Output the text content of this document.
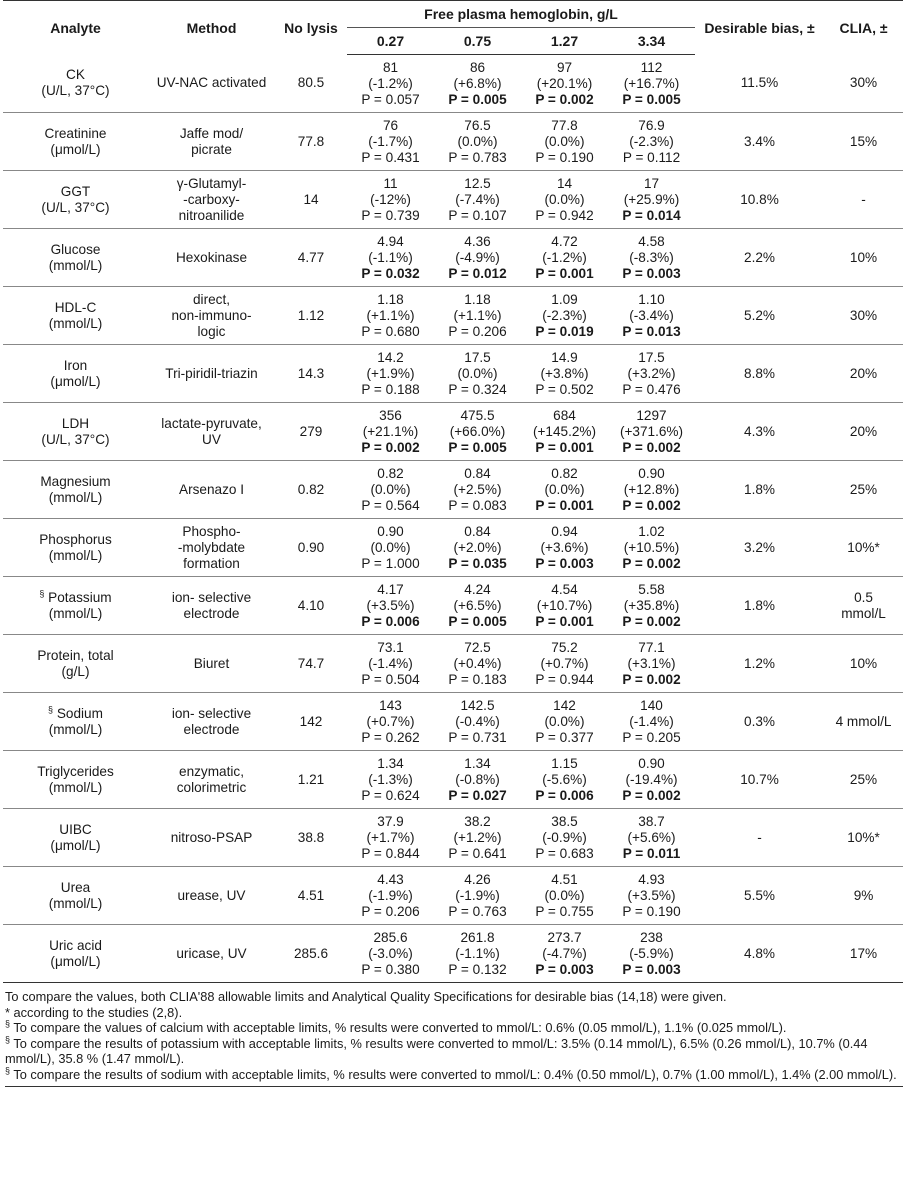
Analyte	Method	No lysis	Free plasma hemoglobin, g/L				Desirable bias, ±	CLIA, ±
			0.27	0.75	1.27	3.34		

CK
(U/L, 37°C)	UV-NAC activated	80.5	81
(-1.2%)
P = 0.057	86
(+6.8%)
P = 0.005	97
(+20.1%)
P = 0.002	112
(+16.7%)
P = 0.005	11.5%	30%

Creatinine
(μmol/L)	Jaffe mod/
picrate	77.8	76
(-1.7%)
P = 0.431	76.5
(0.0%)
P = 0.783	77.8
(0.0%)
P = 0.190	76.9
(-2.3%)
P = 0.112	3.4%	15%

GGT
(U/L, 37°C)	γ-Glutamyl-
-carboxy-
nitroanilide	14	11
(-12%)
P = 0.739	12.5
(-7.4%)
P = 0.107	14
(0.0%)
P = 0.942	17
(+25.9%)
P = 0.014	10.8%	-

Glucose
(mmol/L)	Hexokinase	4.77	4.94
(-1.1%)
P = 0.032	4.36
(-4.9%)
P = 0.012	4.72
(-1.2%)
P = 0.001	4.58
(-8.3%)
P = 0.003	2.2%	10%

HDL-C
(mmol/L)	direct,
non-immuno-
logic	1.12	1.18
(+1.1%)
P = 0.680	1.18
(+1.1%)
P = 0.206	1.09
(-2.3%)
P = 0.019	1.10
(-3.4%)
P = 0.013	5.2%	30%

Iron
(μmol/L)	Tri-piridil-triazin	14.3	14.2
(+1.9%)
P = 0.188	17.5
(0.0%)
P = 0.324	14.9
(+3.8%)
P = 0.502	17.5
(+3.2%)
P = 0.476	8.8%	20%

LDH
(U/L, 37°C)	lactate-pyruvate,
UV	279	356
(+21.1%)
P = 0.002	475.5
(+66.0%)
P = 0.005	684
(+145.2%)
P = 0.001	1297
(+371.6%)
P = 0.002	4.3%	20%

Magnesium
(mmol/L)	Arsenazo I	0.82	0.82
(0.0%)
P = 0.564	0.84
(+2.5%)
P = 0.083	0.82
(0.0%)
P = 0.001	0.90
(+12.8%)
P = 0.002	1.8%	25%

Phosphorus
(mmol/L)	Phospho-
-molybdate
formation	0.90	0.90
(0.0%)
P = 1.000	0.84
(+2.0%)
P = 0.035	0.94
(+3.6%)
P = 0.003	1.02
(+10.5%)
P = 0.002	3.2%	10%*

§ Potassium
(mmol/L)	ion- selective
electrode	4.10	4.17
(+3.5%)
P = 0.006	4.24
(+6.5%)
P = 0.005	4.54
(+10.7%)
P = 0.001	5.58
(+35.8%)
P = 0.002	1.8%	0.5
mmol/L

Protein, total
(g/L)	Biuret	74.7	73.1
(-1.4%)
P = 0.504	72.5
(+0.4%)
P = 0.183	75.2
(+0.7%)
P = 0.944	77.1
(+3.1%)
P = 0.002	1.2%	10%

§ Sodium
(mmol/L)	ion- selective
electrode	142	143
(+0.7%)
P = 0.262	142.5
(-0.4%)
P = 0.731	142
(0.0%)
P = 0.377	140
(-1.4%)
P = 0.205	0.3%	4 mmol/L

Triglycerides
(mmol/L)	enzymatic,
colorimetric	1.21	1.34
(-1.3%)
P = 0.624	1.34
(-0.8%)
P = 0.027	1.15
(-5.6%)
P = 0.006	0.90
(-19.4%)
P = 0.002	10.7%	25%

UIBC
(μmol/L)	nitroso-PSAP	38.8	37.9
(+1.7%)
P = 0.844	38.2
(+1.2%)
P = 0.641	38.5
(-0.9%)
P = 0.683	38.7
(+5.6%)
P = 0.011	-	10%*

Urea
(mmol/L)	urease, UV	4.51	4.43
(-1.9%)
P = 0.206	4.26
(-1.9%)
P = 0.763	4.51
(0.0%)
P = 0.755	4.93
(+3.5%)
P = 0.190	5.5%	9%

Uric acid
(μmol/L)	uricase, UV	285.6	285.6
(-3.0%)
P = 0.380	261.8
(-1.1%)
P = 0.132	273.7
(-4.7%)
P = 0.003	238
(-5.9%)
P = 0.003	4.8%	17%
To compare the values, both CLIA'88 allowable limits and Analytical Quality Specifications for desirable bias (14,18) were given.
* according to the studies (2,8).
§ To compare the values of calcium with acceptable limits, % results were converted to mmol/L: 0.6% (0.05 mmol/L), 1.1% (0.025 mmol/L).
§ To compare the results of potassium with acceptable limits, % results were converted to mmol/L: 3.5% (0.14 mmol/L), 6.5% (0.26 mmol/L), 10.7% (0.44 mmol/L), 35.8 % (1.47 mmol/L).
§ To compare the results of sodium with acceptable limits, % results were converted to mmol/L: 0.4% (0.50 mmol/L), 0.7% (1.00 mmol/L), 1.4% (2.00 mmol/L).
